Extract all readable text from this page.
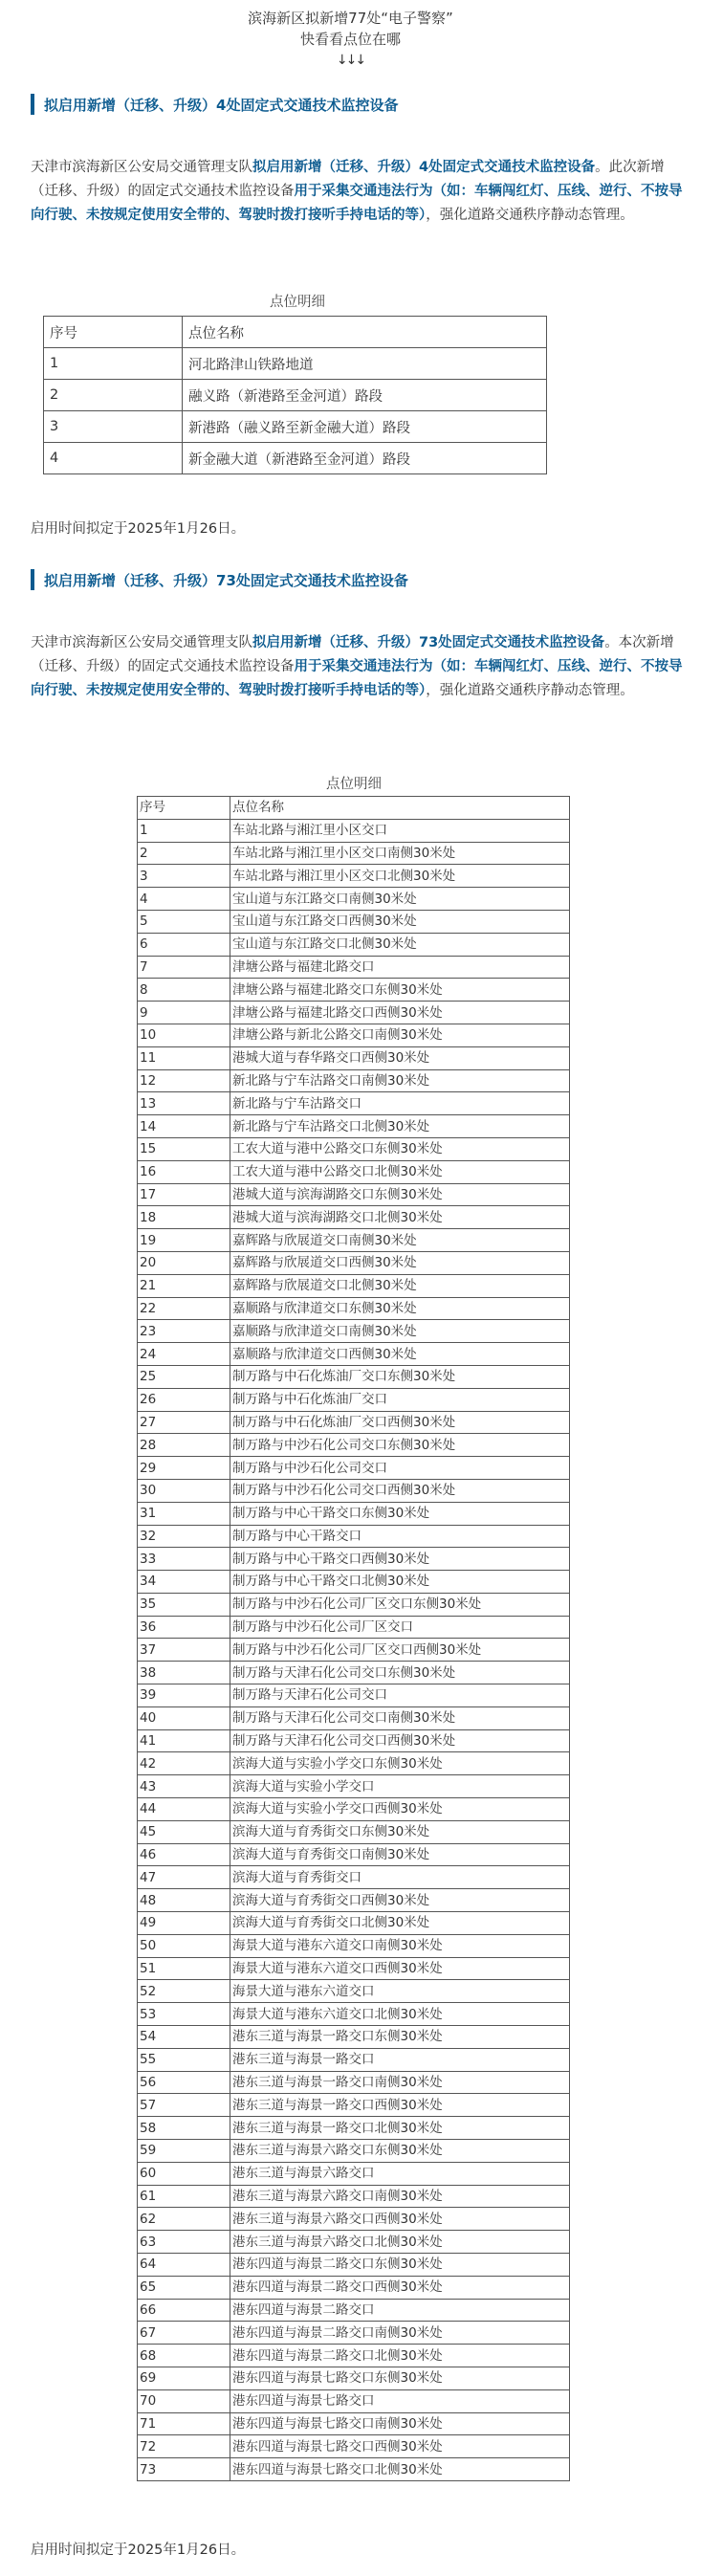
滨海新区拟新增77处“电子警察”
快看看点位在哪
↓↓↓
拟启用新增（迁移、升级）4处固定式交通技术监控设备
天津市滨海新区公安局交通管理支队拟启用新增（迁移、升级）4处固定式交通技术监控设备。此次新增（迁移、升级）的固定式交通技术监控设备用于采集交通违法行为（如：车辆闯红灯、压线、逆行、不按导向行驶、未按规定使用安全带的、驾驶时拨打接听手持电话的等），强化道路交通秩序静动态管理。
点位明细
序号	点位名称
1	河北路津山铁路地道
2	融义路（新港路至金河道）路段
3	新港路（融义路至新金融大道）路段
4	新金融大道（新港路至金河道）路段
启用时间拟定于2025年1月26日。
拟启用新增（迁移、升级）73处固定式交通技术监控设备
天津市滨海新区公安局交通管理支队拟启用新增（迁移、升级）73处固定式交通技术监控设备。本次新增（迁移、升级）的固定式交通技术监控设备用于采集交通违法行为（如：车辆闯红灯、压线、逆行、不按导向行驶、未按规定使用安全带的、驾驶时拨打接听手持电话的等），强化道路交通秩序静动态管理。
点位明细
序号	点位名称
1	车站北路与湘江里小区交口
2	车站北路与湘江里小区交口南侧30米处
3	车站北路与湘江里小区交口北侧30米处
4	宝山道与东江路交口南侧30米处
5	宝山道与东江路交口西侧30米处
6	宝山道与东江路交口北侧30米处
7	津塘公路与福建北路交口
8	津塘公路与福建北路交口东侧30米处
9	津塘公路与福建北路交口西侧30米处
10	津塘公路与新北公路交口南侧30米处
11	港城大道与春华路交口西侧30米处
12	新北路与宁车沽路交口南侧30米处
13	新北路与宁车沽路交口
14	新北路与宁车沽路交口北侧30米处
15	工农大道与港中公路交口东侧30米处
16	工农大道与港中公路交口北侧30米处
17	港城大道与滨海湖路交口东侧30米处
18	港城大道与滨海湖路交口北侧30米处
19	嘉辉路与欣展道交口南侧30米处
20	嘉辉路与欣展道交口西侧30米处
21	嘉辉路与欣展道交口北侧30米处
22	嘉顺路与欣津道交口东侧30米处
23	嘉顺路与欣津道交口南侧30米处
24	嘉顺路与欣津道交口西侧30米处
25	制万路与中石化炼油厂交口东侧30米处
26	制万路与中石化炼油厂交口
27	制万路与中石化炼油厂交口西侧30米处
28	制万路与中沙石化公司交口东侧30米处
29	制万路与中沙石化公司交口
30	制万路与中沙石化公司交口西侧30米处
31	制万路与中心干路交口东侧30米处
32	制万路与中心干路交口
33	制万路与中心干路交口西侧30米处
34	制万路与中心干路交口北侧30米处
35	制万路与中沙石化公司厂区交口东侧30米处
36	制万路与中沙石化公司厂区交口
37	制万路与中沙石化公司厂区交口西侧30米处
38	制万路与天津石化公司交口东侧30米处
39	制万路与天津石化公司交口
40	制万路与天津石化公司交口南侧30米处
41	制万路与天津石化公司交口西侧30米处
42	滨海大道与实验小学交口东侧30米处
43	滨海大道与实验小学交口
44	滨海大道与实验小学交口西侧30米处
45	滨海大道与育秀街交口东侧30米处
46	滨海大道与育秀街交口南侧30米处
47	滨海大道与育秀街交口
48	滨海大道与育秀街交口西侧30米处
49	滨海大道与育秀街交口北侧30米处
50	海景大道与港东六道交口南侧30米处
51	海景大道与港东六道交口西侧30米处
52	海景大道与港东六道交口
53	海景大道与港东六道交口北侧30米处
54	港东三道与海景一路交口东侧30米处
55	港东三道与海景一路交口
56	港东三道与海景一路交口南侧30米处
57	港东三道与海景一路交口西侧30米处
58	港东三道与海景一路交口北侧30米处
59	港东三道与海景六路交口东侧30米处
60	港东三道与海景六路交口
61	港东三道与海景六路交口南侧30米处
62	港东三道与海景六路交口西侧30米处
63	港东三道与海景六路交口北侧30米处
64	港东四道与海景二路交口东侧30米处
65	港东四道与海景二路交口西侧30米处
66	港东四道与海景二路交口
67	港东四道与海景二路交口南侧30米处
68	港东四道与海景二路交口北侧30米处
69	港东四道与海景七路交口东侧30米处
70	港东四道与海景七路交口
71	港东四道与海景七路交口南侧30米处
72	港东四道与海景七路交口西侧30米处
73	港东四道与海景七路交口北侧30米处
启用时间拟定于2025年1月26日。
